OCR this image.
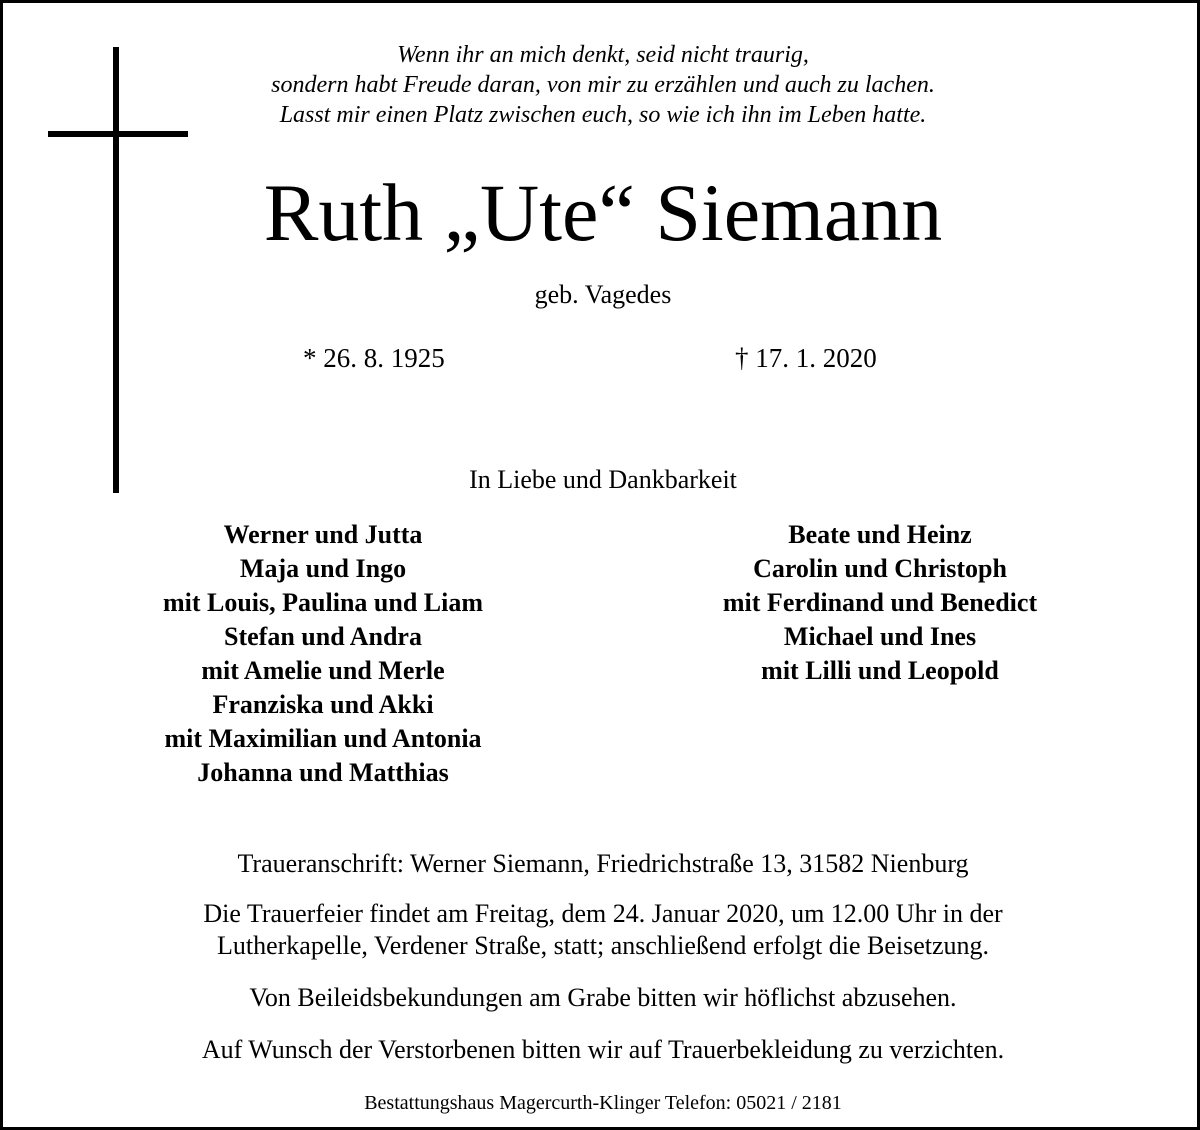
Wenn ihr an mich denkt, seid nicht traurig,
sondern habt Freude daran, von mir zu erzählen und auch zu lachen.
Lasst mir einen Platz zwischen euch, so wie ich ihn im Leben hatte.
Ruth „Ute“ Siemann
geb. Vagedes
* 26. 8. 1925	† 17. 1. 2020
In Liebe und Dankbarkeit
Werner und Jutta
Maja und Ingo
mit Louis, Paulina und Liam
Stefan und Andra
mit Amelie und Merle
Franziska und Akki
mit Maximilian und Antonia
Johanna und Matthias
Beate und Heinz
Carolin und Christoph
mit Ferdinand und Benedict
Michael und Ines
mit Lilli und Leopold
Traueranschrift: Werner Siemann, Friedrichstraße 13, 31582 Nienburg
Die Trauerfeier findet am Freitag, dem 24. Januar 2020, um 12.00 Uhr in der
Lutherkapelle, Verdener Straße, statt; anschließend erfolgt die Beisetzung.
Von Beileidsbekundungen am Grabe bitten wir höflichst abzusehen.
Auf Wunsch der Verstorbenen bitten wir auf Trauerbekleidung zu verzichten.
Bestattungshaus Magercurth-Klinger Telefon: 05021 / 2181
